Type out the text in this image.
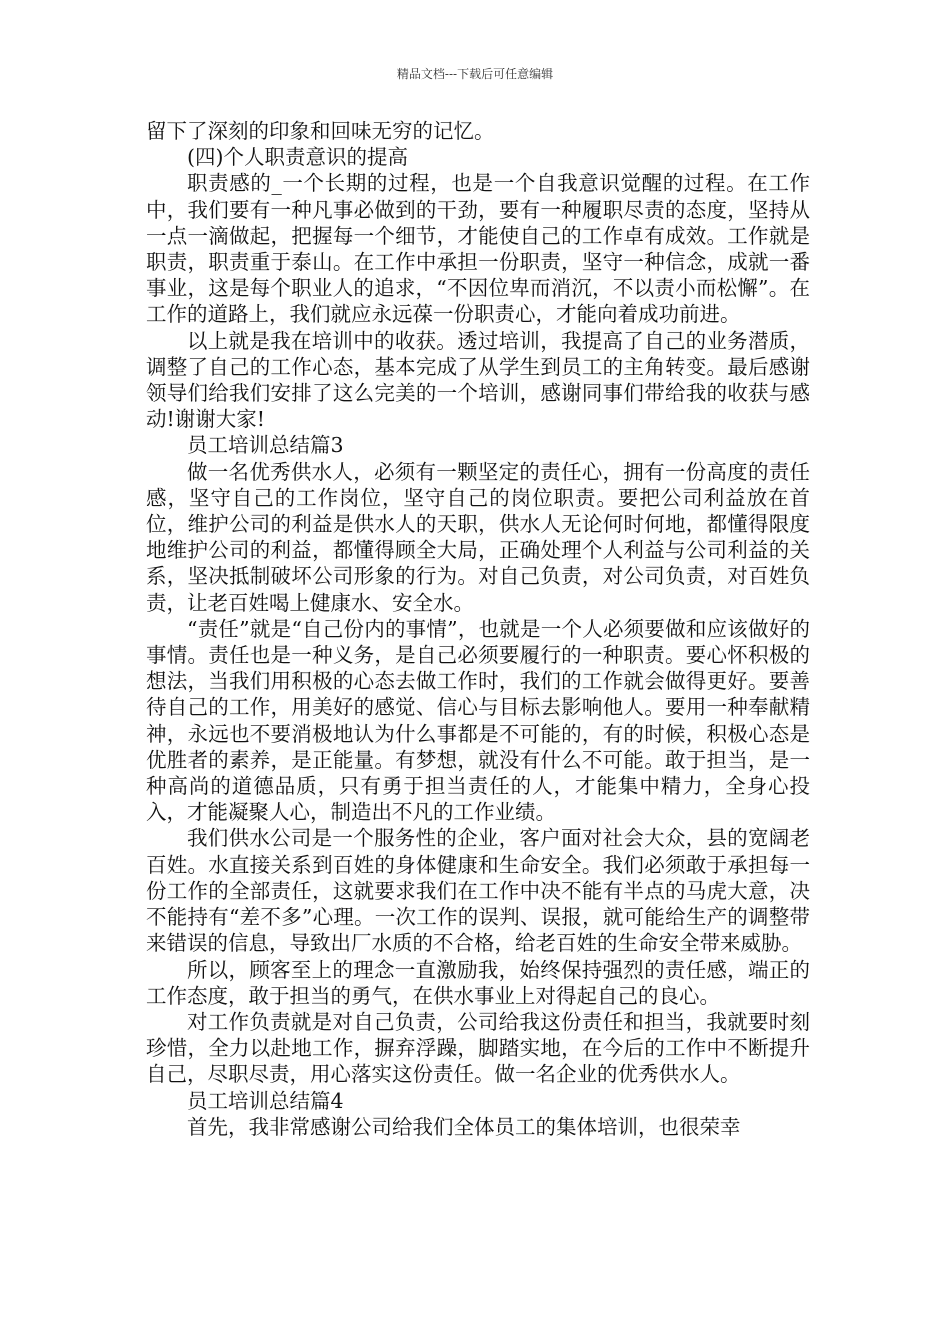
精品文档---下载后可任意编辑

留下了深刻的印象和回味无穷的记忆。

(四)个人职责意识的提高

职责感的_一个长期的过程，也是一个自我意识觉醒的过程。在工作中，我们要有一种凡事必做到的干劲，要有一种履职尽责的态度，坚持从一点一滴做起，把握每一个细节，才能使自己的工作卓有成效。工作就是职责，职责重于泰山。在工作中承担一份职责，坚守一种信念，成就一番事业，这是每个职业人的追求，“不因位卑而消沉，不以责小而松懈”。在工作的道路上，我们就应永远葆一份职责心，才能向着成功前进。

以上就是我在培训中的收获。透过培训，我提高了自己的业务潜质，调整了自己的工作心态，基本完成了从学生到员工的主角转变。最后感谢领导们给我们安排了这么完美的一个培训，感谢同事们带给我的收获与感动!谢谢大家!

员工培训总结篇3

做一名优秀供水人，必须有一颗坚定的责任心，拥有一份高度的责任感，坚守自己的工作岗位，坚守自己的岗位职责。要把公司利益放在首位，维护公司的利益是供水人的天职，供水人无论何时何地，都懂得限度地维护公司的利益，都懂得顾全大局，正确处理个人利益与公司利益的关系，坚决抵制破坏公司形象的行为。对自己负责，对公司负责，对百姓负责，让老百姓喝上健康水、安全水。

“责任”就是“自己份内的事情”，也就是一个人必须要做和应该做好的事情。责任也是一种义务，是自己必须要履行的一种职责。要心怀积极的想法，当我们用积极的心态去做工作时，我们的工作就会做得更好。要善待自己的工作，用美好的感觉、信心与目标去影响他人。要用一种奉献精神，永远也不要消极地认为什么事都是不可能的，有的时候，积极心态是优胜者的素养，是正能量。有梦想，就没有什么不可能。敢于担当，是一种高尚的道德品质，只有勇于担当责任的人，才能集中精力，全身心投入，才能凝聚人心，制造出不凡的工作业绩。

我们供水公司是一个服务性的企业，客户面对社会大众，县的宽阔老百姓。水直接关系到百姓的身体健康和生命安全。我们必须敢于承担每一份工作的全部责任，这就要求我们在工作中决不能有半点的马虎大意，决不能持有“差不多”心理。一次工作的误判、误报，就可能给生产的调整带来错误的信息，导致出厂水质的不合格，给老百姓的生命安全带来威胁。

所以，顾客至上的理念一直激励我，始终保持强烈的责任感，端正的工作态度，敢于担当的勇气，在供水事业上对得起自己的良心。

对工作负责就是对自己负责，公司给我这份责任和担当，我就要时刻珍惜，全力以赴地工作，摒弃浮躁，脚踏实地，在今后的工作中不断提升自己，尽职尽责，用心落实这份责任。做一名企业的优秀供水人。

员工培训总结篇4

首先，我非常感谢公司给我们全体员工的集体培训，也很荣幸
